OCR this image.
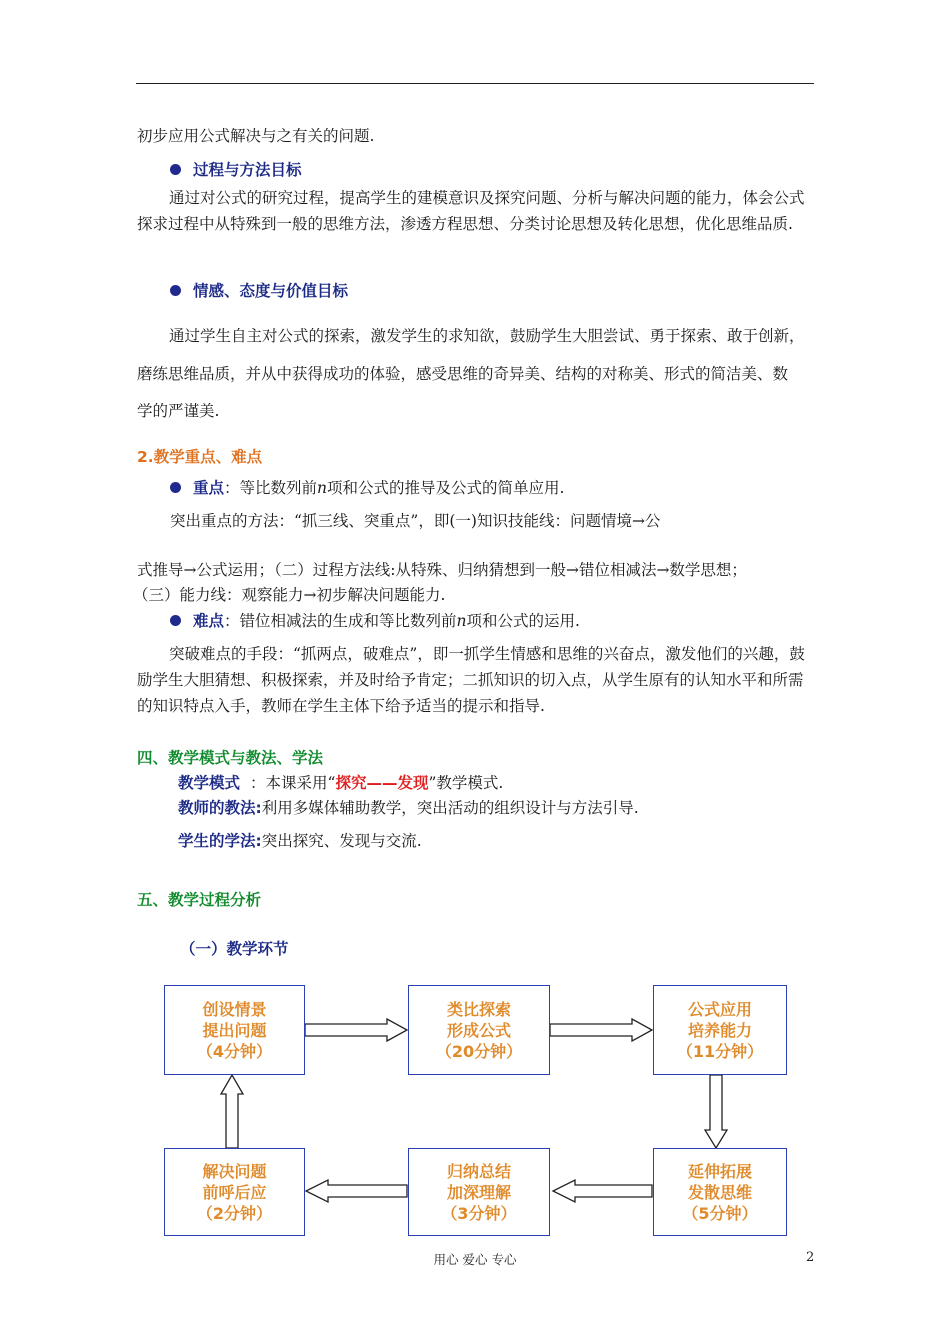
初步应用公式解决与之有关的问题.
过程与方法目标
通过对公式的研究过程，提高学生的建模意识及探究问题、分析与解决问题的能力，体会公式探求过程中从特殊到一般的思维方法，渗透方程思想、分类讨论思想及转化思想，优化思维品质.
情感、态度与价值目标
通过学生自主对公式的探索，激发学生的求知欲，鼓励学生大胆尝试、勇于探索、敢于创新，
磨练思维品质，并从中获得成功的体验，感受思维的奇异美、结构的对称美、形式的简洁美、数
学的严谨美.
2.教学重点、难点
重点：等比数列前n项和公式的推导及公式的简单应用.
突出重点的方法：“抓三线、突重点”，即(一)知识技能线：问题情境→公
式推导→公式运用；（二）过程方法线:从特殊、归纳猜想到一般→错位相减法→数学思想；
（三）能力线：观察能力→初步解决问题能力.
难点：错位相减法的生成和等比数列前n项和公式的运用.
突破难点的手段：“抓两点，破难点”，即一抓学生情感和思维的兴奋点，激发他们的兴趣，鼓励学生大胆猜想、积极探索，并及时给予肯定；二抓知识的切入点，从学生原有的认知水平和所需的知识特点入手，教师在学生主体下给予适当的提示和指导.
四、教学模式与教法、学法
教学模式 ：本课采用“探究——发现”教学模式.
教师的教法:利用多媒体辅助教学，突出活动的组织设计与方法引导.
学生的学法:突出探究、发现与交流.
五、教学过程分析
（一）教学环节
创设情景
提出问题
（4分钟）
类比探索
形成公式
（20分钟）
公式应用
培养能力
（11分钟）
延伸拓展
发散思维
（5分钟）
归纳总结
加深理解
（3分钟）
解决问题
前呼后应
（2分钟）
用心 爱心 专心	2
